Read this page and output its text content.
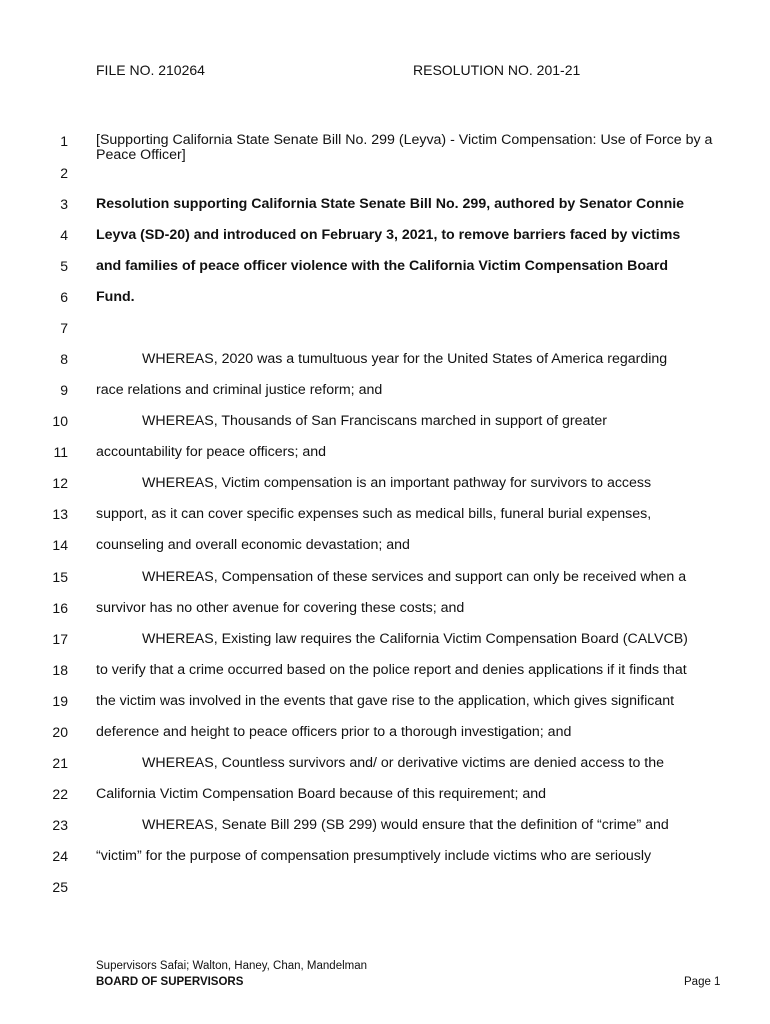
FILE NO. 210264	RESOLUTION NO. 201-21
1
2
3
4
5
6
7
8
9
10
11
12
13
14
15
16
17
18
19
20
21
22
23
24
25
[Supporting California State Senate Bill No. 299 (Leyva) - Victim Compensation: Use of Force by a Peace Officer]
Resolution supporting California State Senate Bill No. 299, authored by Senator Connie
Leyva (SD-20) and introduced on February 3, 2021, to remove barriers faced by victims
and families of peace officer violence with the California Victim Compensation Board
Fund.
WHEREAS, 2020 was a tumultuous year for the United States of America regarding
race relations and criminal justice reform; and
WHEREAS, Thousands of San Franciscans marched in support of greater
accountability for peace officers; and
WHEREAS, Victim compensation is an important pathway for survivors to access
support, as it can cover specific expenses such as medical bills, funeral burial expenses,
counseling and overall economic devastation; and
WHEREAS, Compensation of these services and support can only be received when a
survivor has no other avenue for covering these costs; and
WHEREAS, Existing law requires the California Victim Compensation Board (CALVCB)
to verify that a crime occurred based on the police report and denies applications if it finds that
the victim was involved in the events that gave rise to the application, which gives significant
deference and height to peace officers prior to a thorough investigation; and
WHEREAS, Countless survivors and/ or derivative victims are denied access to the
California Victim Compensation Board because of this requirement; and
WHEREAS, Senate Bill 299 (SB 299) would ensure that the definition of “crime” and
“victim” for the purpose of compensation presumptively include victims who are seriously
Supervisors Safai; Walton, Haney, Chan, Mandelman
BOARD OF SUPERVISORS	Page 1
